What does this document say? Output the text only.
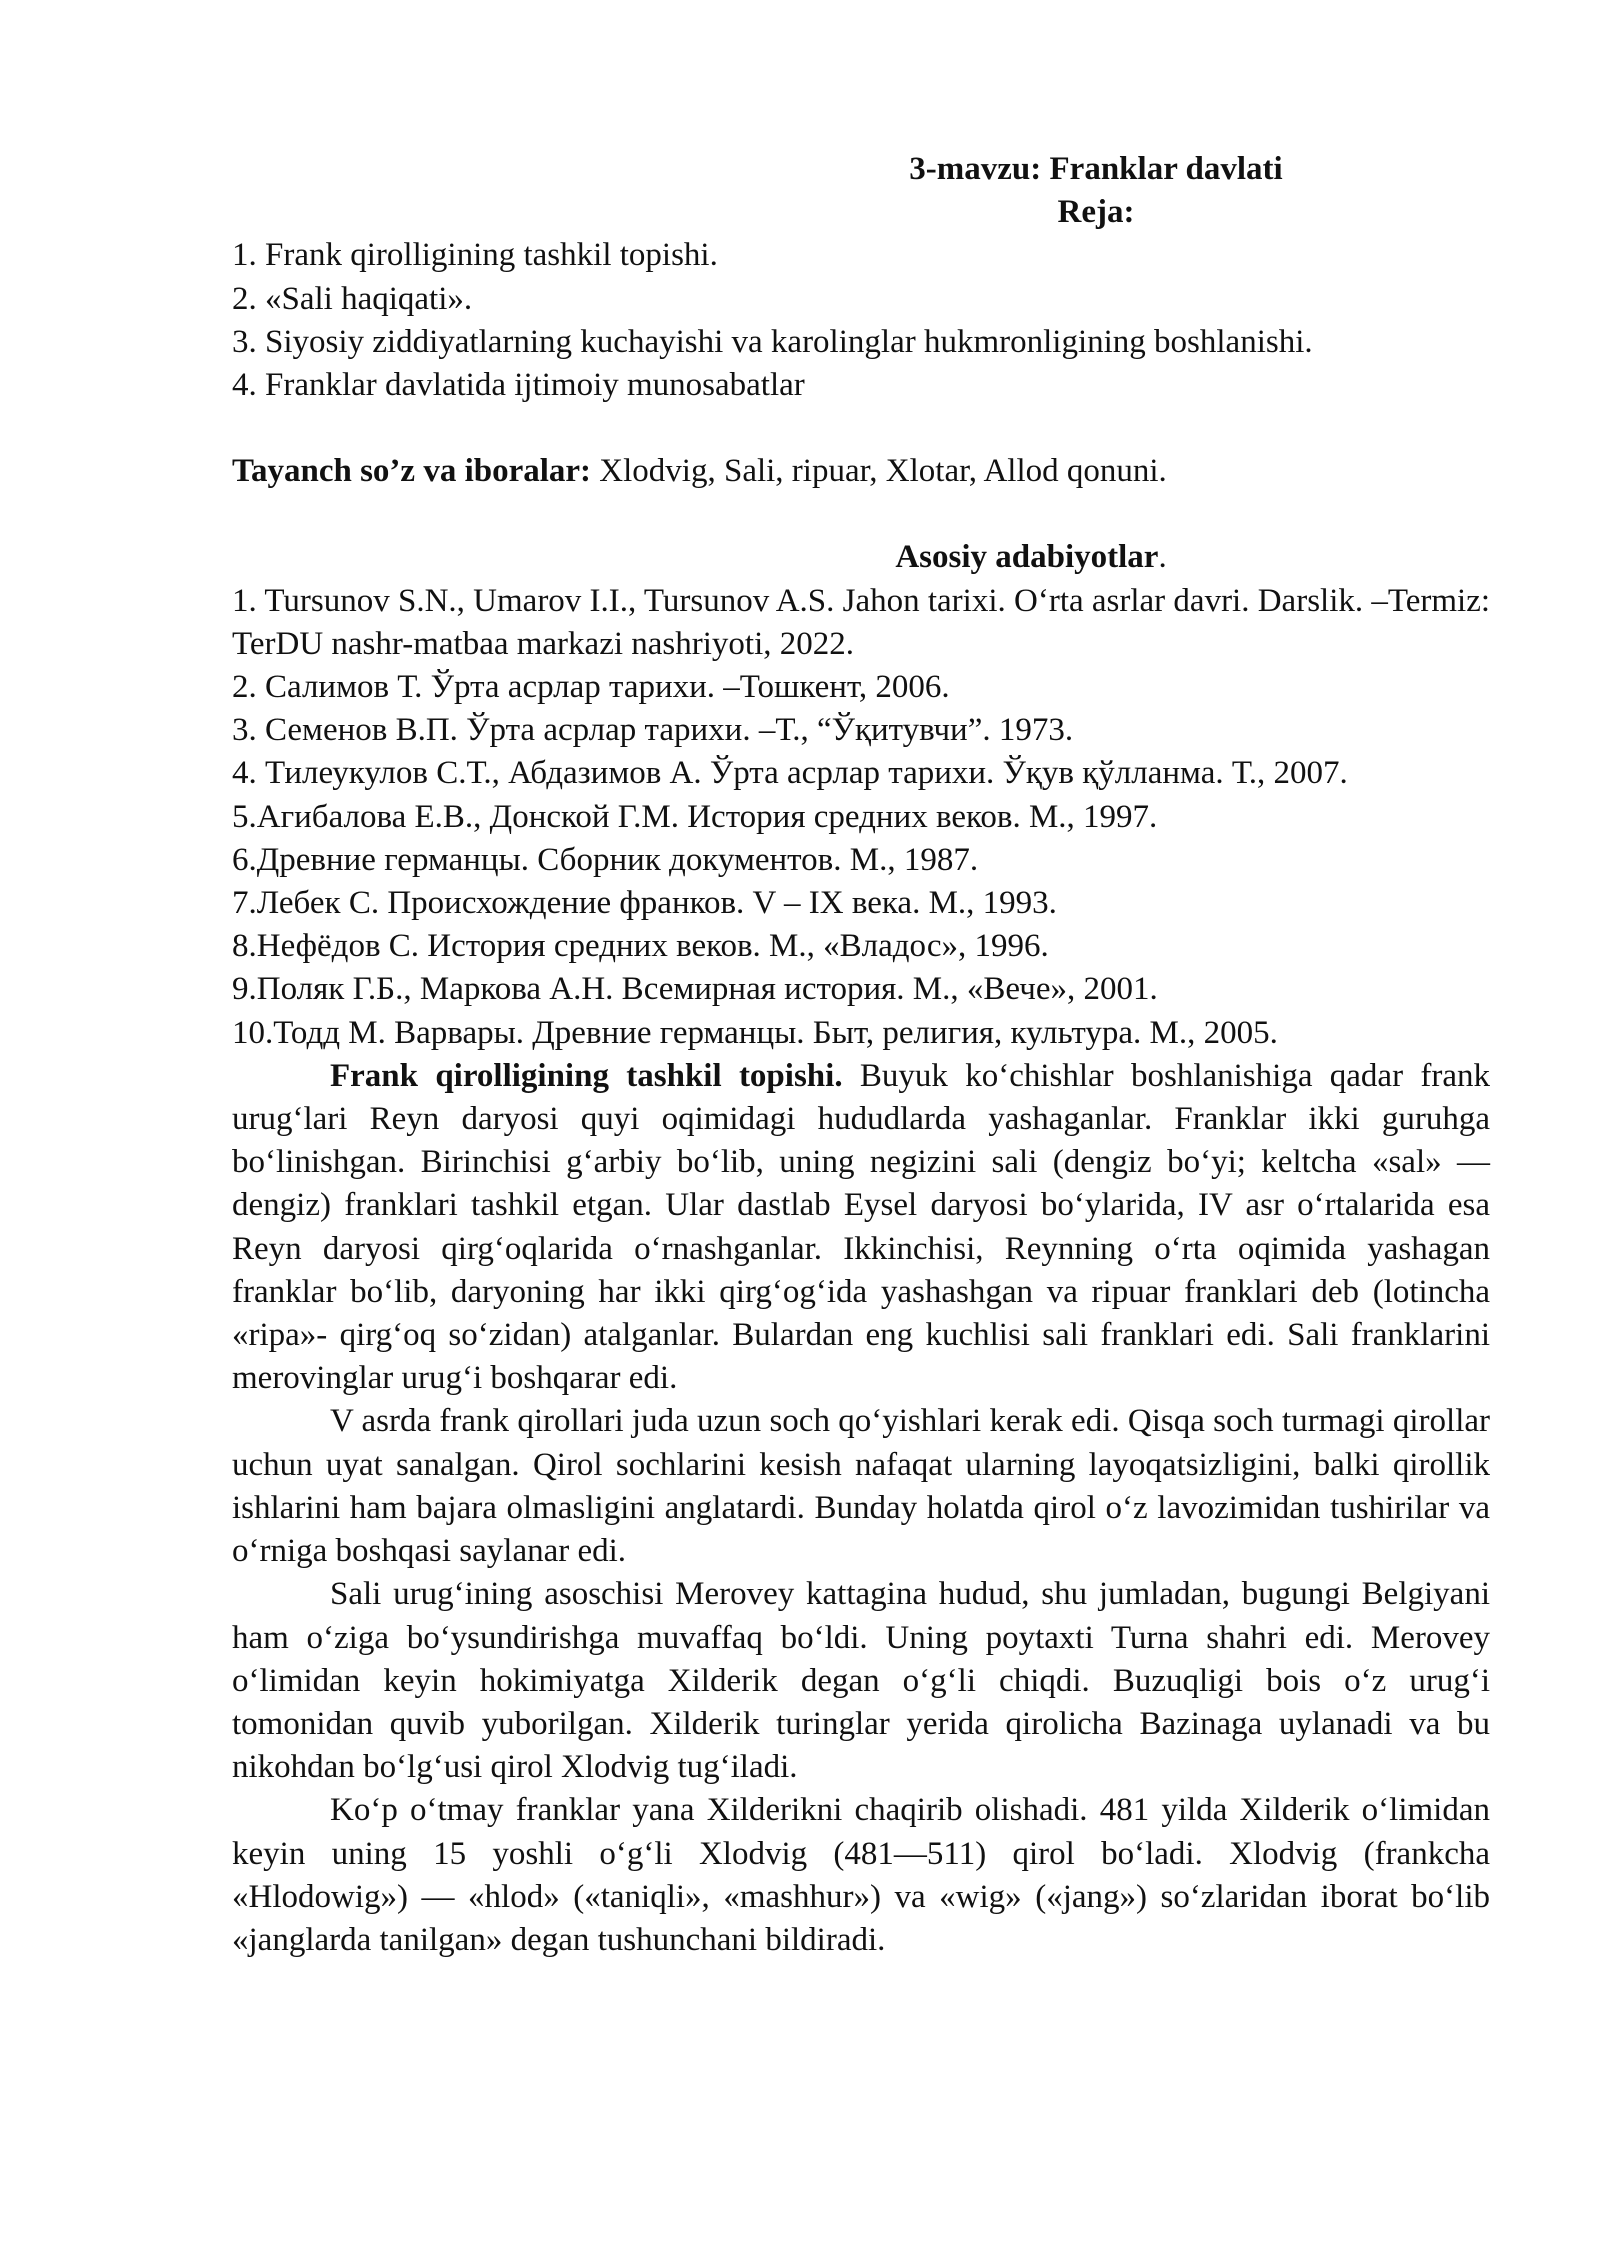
3-mavzu: Franklar davlati

Reja:

1. Frank qirolligining tashkil topishi.

2. «Sali haqiqati».

3. Siyosiy ziddiyatlarning kuchayishi va karolinglar hukmronligining boshlanishi.

4. Franklar davlatida ijtimoiy munosabatlar

Tayanch so’z va iboralar: Xlodvig, Sali, ripuar, Xlotar, Allod qonuni.

Asosiy adabiyotlar.

1. Tursunov S.N., Umarov I.I., Tursunov A.S. Jahon tarixi. O‘rta asrlar davri. Darslik. –Termiz: TerDU nashr-matbaa markazi nashriyoti, 2022.

2. Салимов Т. Ўрта асрлар тарихи. –Тошкент, 2006.

3. Семенов В.П. Ўрта асрлар тарихи. –Т., “Ўқитувчи”. 1973.

4. Тилеукулов С.Т., Абдазимов А. Ўрта асрлар тарихи. Ўқув қўлланма. Т., 2007.

5.Агибалова Е.В., Донской Г.М. История средних веков. М., 1997.

6.Древние германцы. Сборник документов. М., 1987.

7.Лебек С. Происхождение франков. V – IX века. М., 1993.

8.Нефёдов С. История средних веков. М., «Владос», 1996.

9.Поляк Г.Б., Маркова А.Н. Всемирная история. М., «Вече», 2001.

10.Тодд М. Варвары. Древние германцы. Быт, религия, культура. М., 2005.

Frank qirolligining tashkil topishi. Buyuk ko‘chishlar boshlanishiga qadar frank urug‘lari Reyn daryosi quyi oqimidagi hududlarda yashaganlar. Franklar ikki guruhga bo‘linishgan. Birinchisi g‘arbiy bo‘lib, uning negizini sali (dengiz bo‘yi; keltcha «sal» — dengiz) franklari tashkil etgan. Ular dastlab Eysel daryosi bo‘ylarida, IV asr o‘rtalarida esa Reyn daryosi qirg‘oqlarida o‘rnashganlar. Ikkinchisi, Reynning o‘rta oqimida yashagan franklar bo‘lib, daryoning har ikki qirg‘og‘ida yashashgan va ripuar franklari deb (lotincha «ripa»- qirg‘oq so‘zidan) atalganlar. Bulardan eng kuchlisi sali franklari edi. Sali franklarini merovinglar urug‘i boshqarar edi.

V asrda frank qirollari juda uzun soch qo‘yishlari kerak edi. Qisqa soch turmagi qirollar uchun uyat sanalgan. Qirol sochlarini kesish nafaqat ularning layoqatsizligini, balki qirollik ishlarini ham bajara olmasligini anglatardi. Bunday holatda qirol o‘z lavozimidan tushirilar va o‘rniga boshqasi saylanar edi.

Sali urug‘ining asoschisi Merovey kattagina hudud, shu jumladan, bugungi Belgiyani ham o‘ziga bo‘ysundirishga muvaffaq bo‘ldi. Uning poytaxti Turna shahri edi. Merovey o‘limidan keyin hokimiyatga Xilderik degan o‘g‘li chiqdi. Buzuqligi bois o‘z urug‘i tomonidan quvib yuborilgan. Xilderik turinglar yerida qirolicha Bazinaga uylanadi va bu nikohdan bo‘lg‘usi qirol Xlodvig tug‘iladi.

Ko‘p o‘tmay franklar yana Xilderikni chaqirib olishadi. 481 yilda Xilderik o‘limidan keyin uning 15 yoshli o‘g‘li Xlodvig (481—511) qirol bo‘ladi. Xlodvig (frankcha «Hlodowig») — «hlod» («taniqli», «mashhur») va «wig» («jang») so‘zlaridan iborat bo‘lib «janglarda tanilgan» degan tushunchani bildiradi.
